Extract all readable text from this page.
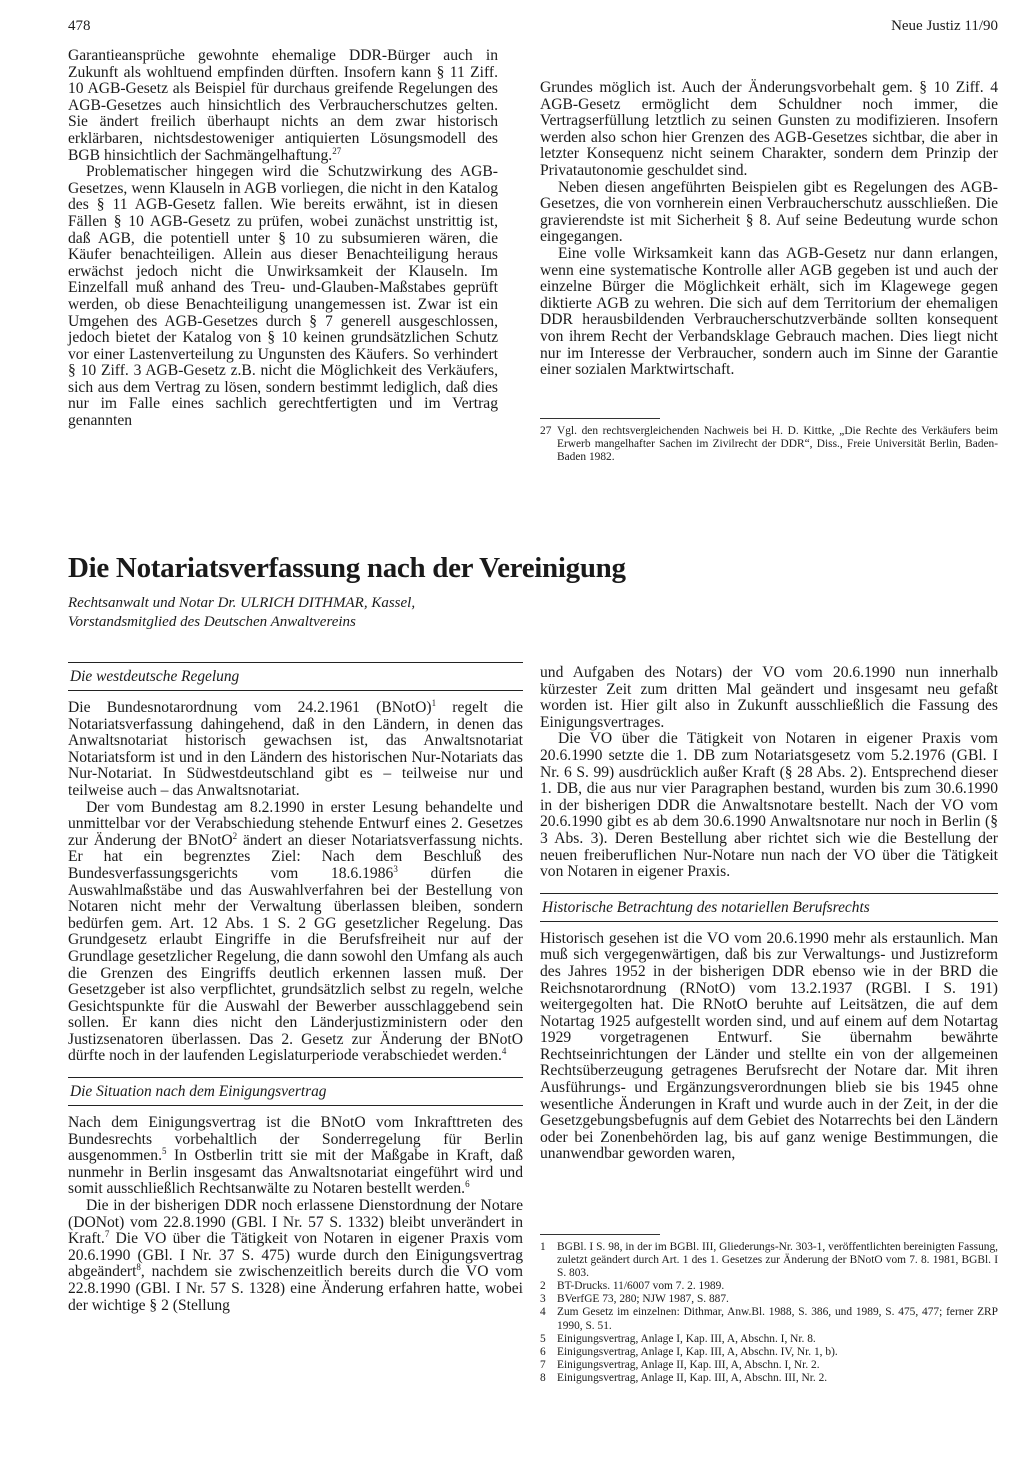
478	Neue Justiz 11/90

Garantieansprüche gewohnte ehemalige DDR-Bürger auch in Zukunft als wohltuend empfinden dürften. Insofern kann § 11 Ziff. 10 AGB-Gesetz als Beispiel für durchaus greifende Regelungen des AGB-Gesetzes auch hinsichtlich des Verbraucherschutzes gelten. Sie ändert freilich überhaupt nichts an dem zwar historisch erklärbaren, nichtsdestoweniger antiquierten Lösungsmodell des BGB hinsichtlich der Sachmängelhaftung.$^{27}$

Problematischer hingegen wird die Schutzwirkung des AGB-Gesetzes, wenn Klauseln in AGB vorliegen, die nicht in den Katalog des § 11 AGB-Gesetz fallen. Wie bereits erwähnt, ist in diesen Fällen § 10 AGB-Gesetz zu prüfen, wobei zunächst unstrittig ist, daß AGB, die potentiell unter § 10 zu subsumieren wären, die Käufer benachteiligen. Allein aus dieser Benachteiligung heraus erwächst jedoch nicht die Unwirksamkeit der Klauseln. Im Einzelfall muß anhand des Treu- und-Glauben-Maßstabes geprüft werden, ob diese Benachteiligung unangemessen ist. Zwar ist ein Umgehen des AGB-Gesetzes durch § 7 generell ausgeschlossen, jedoch bietet der Katalog von § 10 keinen grundsätzlichen Schutz vor einer Lastenverteilung zu Ungunsten des Käufers. So verhindert § 10 Ziff. 3 AGB-Gesetz z.B. nicht die Möglichkeit des Verkäufers, sich aus dem Vertrag zu lösen, sondern bestimmt lediglich, daß dies nur im Falle eines sachlich gerechtfertigten und im Vertrag genannten

Grundes möglich ist. Auch der Änderungsvorbehalt gem. § 10 Ziff. 4 AGB-Gesetz ermöglicht dem Schuldner noch immer, die Vertragserfüllung letztlich zu seinen Gunsten zu modifizieren. Insofern werden also schon hier Grenzen des AGB-Gesetzes sichtbar, die aber in letzter Konsequenz nicht seinem Charakter, sondern dem Prinzip der Privatautonomie geschuldet sind.

Neben diesen angeführten Beispielen gibt es Regelungen des AGB-Gesetzes, die von vornherein einen Verbraucherschutz ausschließen. Die gravierendste ist mit Sicherheit § 8. Auf seine Bedeutung wurde schon eingegangen.

Eine volle Wirksamkeit kann das AGB-Gesetz nur dann erlangen, wenn eine systematische Kontrolle aller AGB gegeben ist und auch der einzelne Bürger die Möglichkeit erhält, sich im Klagewege gegen diktierte AGB zu wehren. Die sich auf dem Territorium der ehemaligen DDR herausbildenden Verbraucherschutzverbände sollten konsequent von ihrem Recht der Verbandsklage Gebrauch machen. Dies liegt nicht nur im Interesse der Verbraucher, sondern auch im Sinne der Garantie einer sozialen Marktwirtschaft.

27 Vgl. den rechtsvergleichenden Nachweis bei H. D. Kittke, „Die Rechte des Verkäufers beim Erwerb mangelhafter Sachen im Zivilrecht der DDR“, Diss., Freie Universität Berlin, Baden-Baden 1982.
Die Notariatsverfassung nach der Vereinigung
Rechtsanwalt und Notar Dr. ULRICH DITHMAR, Kassel,
Vorstandsmitglied des Deutschen Anwaltvereins
Die westdeutsche Regelung

Die Bundesnotarordnung vom 24.2.1961 (BNotO)$^1$ regelt die Notariatsverfassung dahingehend, daß in den Ländern, in denen das Anwaltsnotariat historisch gewachsen ist, das Anwaltsnotariat Notariatsform ist und in den Ländern des historischen Nur-Notariats das Nur-Notariat. In Südwestdeutschland gibt es – teilweise nur und teilweise auch – das Anwaltsnotariat.

Der vom Bundestag am 8.2.1990 in erster Lesung behandelte und unmittelbar vor der Verabschiedung stehende Entwurf eines 2. Gesetzes zur Änderung der BNotO$^2$ ändert an dieser Notariatsverfassung nichts. Er hat ein begrenztes Ziel: Nach dem Beschluß des Bundesverfassungsgerichts vom 18.6.1986$^3$ dürfen die Auswahlmaßstäbe und das Auswahlverfahren bei der Bestellung von Notaren nicht mehr der Verwaltung überlassen bleiben, sondern bedürfen gem. Art. 12 Abs. 1 S. 2 GG gesetzlicher Regelung. Das Grundgesetz erlaubt Eingriffe in die Berufsfreiheit nur auf der Grundlage gesetzlicher Regelung, die dann sowohl den Umfang als auch die Grenzen des Eingriffs deutlich erkennen lassen muß. Der Gesetzgeber ist also verpflichtet, grundsätzlich selbst zu regeln, welche Gesichtspunkte für die Auswahl der Bewerber ausschlaggebend sein sollen. Er kann dies nicht den Länderjustizministern oder den Justizsenatoren überlassen. Das 2. Gesetz zur Änderung der BNotO dürfte noch in der laufenden Legislaturperiode verabschiedet werden.$^4$

Die Situation nach dem Einigungsvertrag

Nach dem Einigungsvertrag ist die BNotO vom Inkrafttreten des Bundesrechts vorbehaltlich der Sonderregelung für Berlin ausgenommen.$^5$ In Ostberlin tritt sie mit der Maßgabe in Kraft, daß nunmehr in Berlin insgesamt das Anwaltsnotariat eingeführt wird und somit ausschließlich Rechtsanwälte zu Notaren bestellt werden.$^6$

Die in der bisherigen DDR noch erlassene Dienstordnung der Notare (DONot) vom 22.8.1990 (GBl. I Nr. 57 S. 1332) bleibt unverändert in Kraft.$^7$ Die VO über die Tätigkeit von Notaren in eigener Praxis vom 20.6.1990 (GBl. I Nr. 37 S. 475) wurde durch den Einigungsvertrag abgeändert$^8$, nachdem sie zwischenzeitlich bereits durch die VO vom 22.8.1990 (GBl. I Nr. 57 S. 1328) eine Änderung erfahren hatte, wobei der wichtige § 2 (Stellung

und Aufgaben des Notars) der VO vom 20.6.1990 nun innerhalb kürzester Zeit zum dritten Mal geändert und insgesamt neu gefaßt worden ist. Hier gilt also in Zukunft ausschließlich die Fassung des Einigungsvertrages.

Die VO über die Tätigkeit von Notaren in eigener Praxis vom 20.6.1990 setzte die 1. DB zum Notariatsgesetz vom 5.2.1976 (GBl. I Nr. 6 S. 99) ausdrücklich außer Kraft (§ 28 Abs. 2). Entsprechend dieser 1. DB, die aus nur vier Paragraphen bestand, wurden bis zum 30.6.1990 in der bisherigen DDR die Anwaltsnotare bestellt. Nach der VO vom 20.6.1990 gibt es ab dem 30.6.1990 Anwaltsnotare nur noch in Berlin (§ 3 Abs. 3). Deren Bestellung aber richtet sich wie die Bestellung der neuen freiberuflichen Nur-Notare nun nach der VO über die Tätigkeit von Notaren in eigener Praxis.

Historische Betrachtung des notariellen Berufsrechts

Historisch gesehen ist die VO vom 20.6.1990 mehr als erstaunlich. Man muß sich vergegenwärtigen, daß bis zur Verwaltungs- und Justizreform des Jahres 1952 in der bisherigen DDR ebenso wie in der BRD die Reichsnotarordnung (RNotO) vom 13.2.1937 (RGBl. I S. 191) weitergegolten hat. Die RNotO beruhte auf Leitsätzen, die auf dem Notartag 1925 aufgestellt worden sind, und auf einem auf dem Notartag 1929 vorgetragenen Entwurf. Sie übernahm bewährte Rechtseinrichtungen der Länder und stellte ein von der allgemeinen Rechtsüberzeugung getragenes Berufsrecht der Notare dar. Mit ihren Ausführungs- und Ergänzungsverordnungen blieb sie bis 1945 ohne wesentliche Änderungen in Kraft und wurde auch in der Zeit, in der die Gesetzgebungsbefugnis auf dem Gebiet des Notarrechts bei den Ländern oder bei Zonenbehörden lag, bis auf ganz wenige Bestimmungen, die unanwendbar geworden waren,

1 BGBl. I S. 98, in der im BGBl. III, Gliederungs-Nr. 303-1, veröffentlichten bereinigten Fassung, zuletzt geändert durch Art. 1 des 1. Gesetzes zur Änderung der BNotO vom 7. 8. 1981, BGBl. I S. 803.
2 BT-Drucks. 11/6007 vom 7. 2. 1989.
3 BVerfGE 73, 280; NJW 1987, S. 887.
4 Zum Gesetz im einzelnen: Dithmar, Anw.Bl. 1988, S. 386, und 1989, S. 475, 477; ferner ZRP 1990, S. 51.
5 Einigungsvertrag, Anlage I, Kap. III, A, Abschn. I, Nr. 8.
6 Einigungsvertrag, Anlage I, Kap. III, A, Abschn. IV, Nr. 1, b).
7 Einigungsvertrag, Anlage II, Kap. III, A, Abschn. I, Nr. 2.
8 Einigungsvertrag, Anlage II, Kap. III, A, Abschn. III, Nr. 2.
